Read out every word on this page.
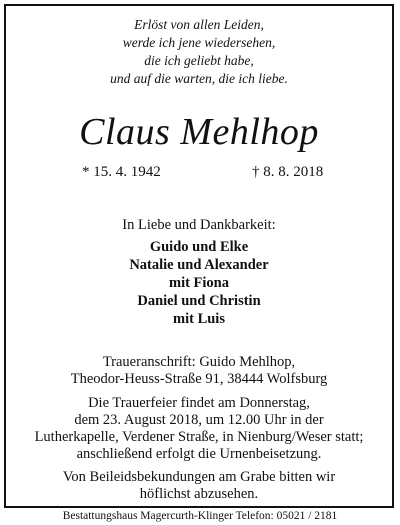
Erlöst von allen Leiden,
werde ich jene wiedersehen,
die ich geliebt habe,
und auf die warten, die ich liebe.
Claus Mehlhop
* 15. 4. 1942	† 8. 8. 2018
In Liebe und Dankbarkeit:
Guido und Elke
Natalie und Alexander
mit Fiona
Daniel und Christin
mit Luis
Traueranschrift: Guido Mehlhop,
Theodor-Heuss-Straße 91, 38444 Wolfsburg
Die Trauerfeier findet am Donnerstag,
dem 23. August 2018, um 12.00 Uhr in der
Lutherkapelle, Verdener Straße, in Nienburg/Weser statt;
anschließend erfolgt die Urnenbeisetzung.
Von Beileidsbekundungen am Grabe bitten wir
höflichst abzusehen.
Bestattungshaus Magercurth-Klinger Telefon: 05021 / 2181
